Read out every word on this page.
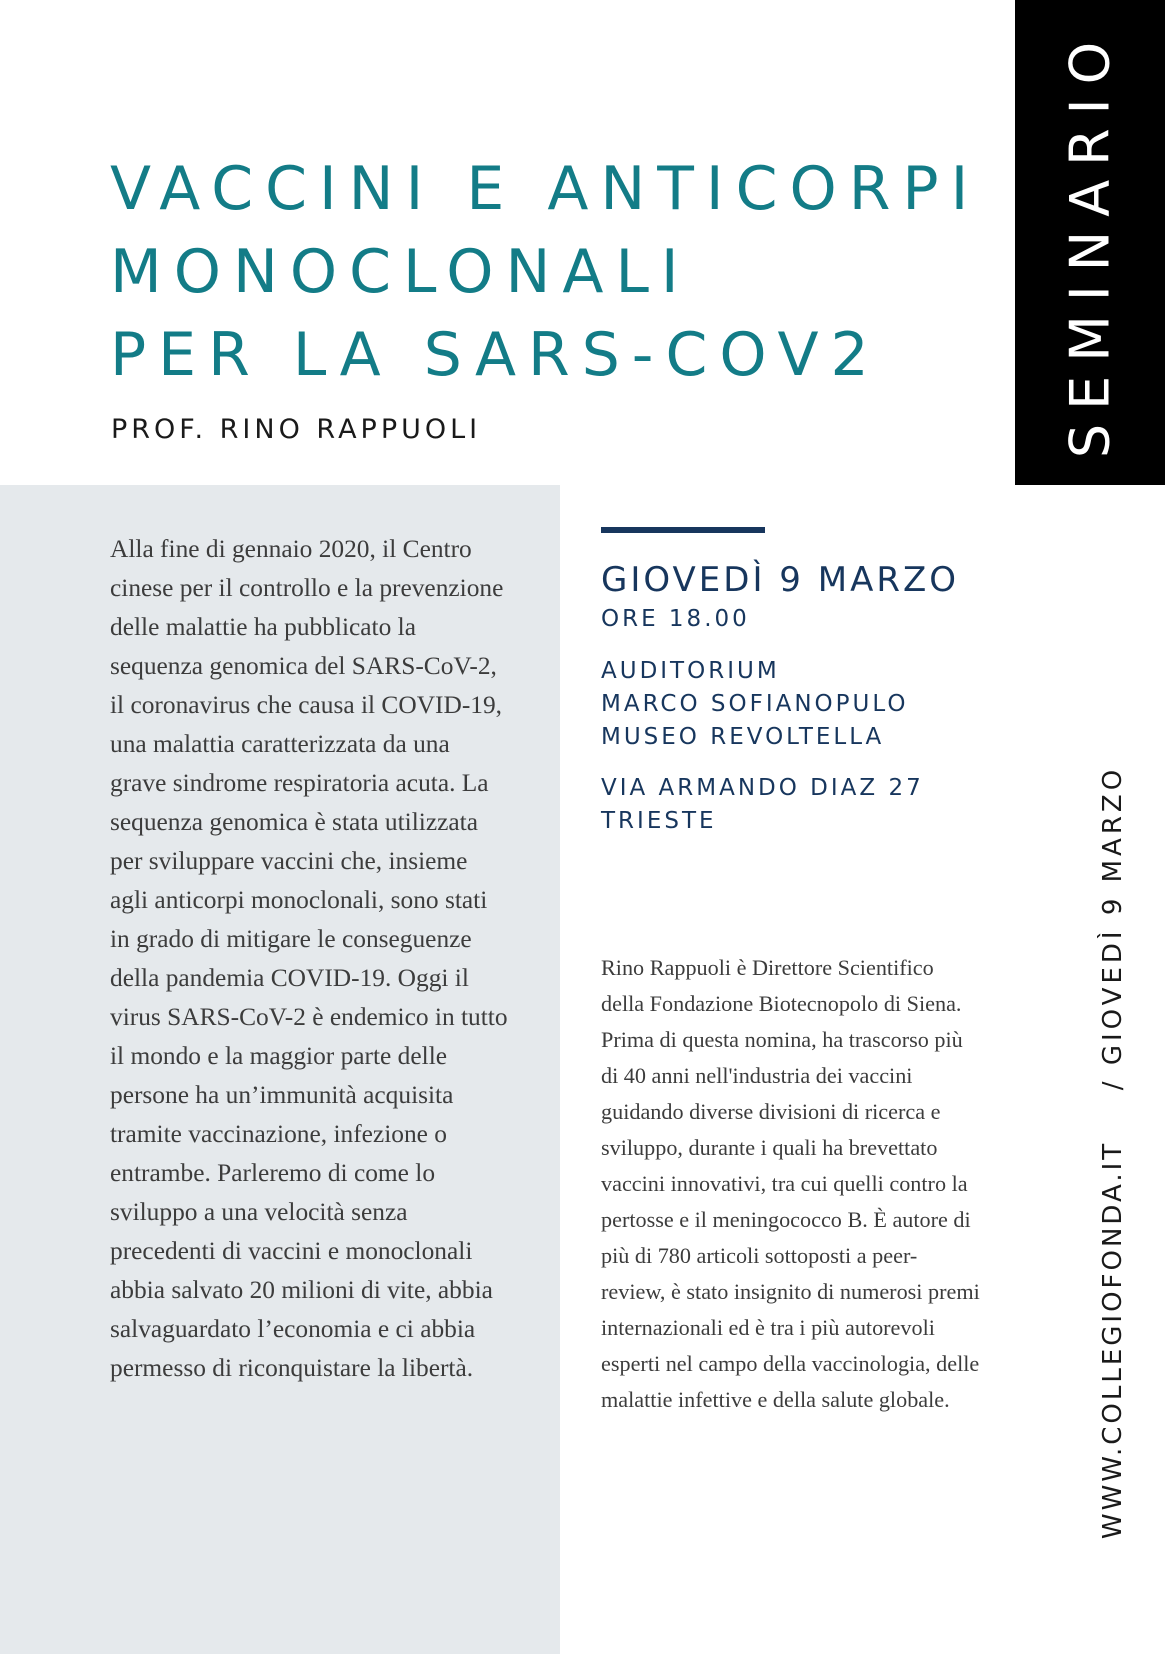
VACCINI E ANTICORPI
MONOCLONALI
PER LA SARS-COV2
PROF. RINO RAPPUOLI	SEMINARIO

Alla fine di gennaio 2020, il Centro cinese per il controllo e la prevenzione delle malattie ha pubblicato la sequenza genomica del SARS-CoV-2, il coronavirus che causa il COVID-19, una malattia caratterizzata da una grave sindrome respiratoria acuta. La sequenza genomica è stata utilizzata per sviluppare vaccini che, insieme agli anticorpi monoclonali, sono stati in grado di mitigare le conseguenze della pandemia COVID-19. Oggi il virus SARS-CoV-2 è endemico in tutto il mondo e la maggior parte delle persone ha un’immunità acquisita tramite vaccinazione, infezione o entrambe. Parleremo di come lo sviluppo a una velocità senza precedenti di vaccini e monoclonali abbia salvato 20 milioni di vite, abbia salvaguardato l’economia e ci abbia permesso di riconquistare la libertà.

GIOVEDÌ 9 MARZO
ORE 18.00
AUDITORIUM
MARCO SOFIANOPULO
MUSEO REVOLTELLA
VIA ARMANDO DIAZ 27
TRIESTE

Rino Rappuoli è Direttore Scientifico della Fondazione Biotecnopolo di Siena. Prima di questa nomina, ha trascorso più di 40 anni nell'industria dei vaccini guidando diverse divisioni di ricerca e sviluppo, durante i quali ha brevettato vaccini innovativi, tra cui quelli contro la pertosse e il meningococco B. È autore di più di 780 articoli sottoposti a peer-review, è stato insignito di numerosi premi internazionali ed è tra i più autorevoli esperti nel campo della vaccinologia, delle malattie infettive e della salute globale.

/ GIOVEDÌ 9 MARZO
WWW.COLLEGIOFONDA.IT
